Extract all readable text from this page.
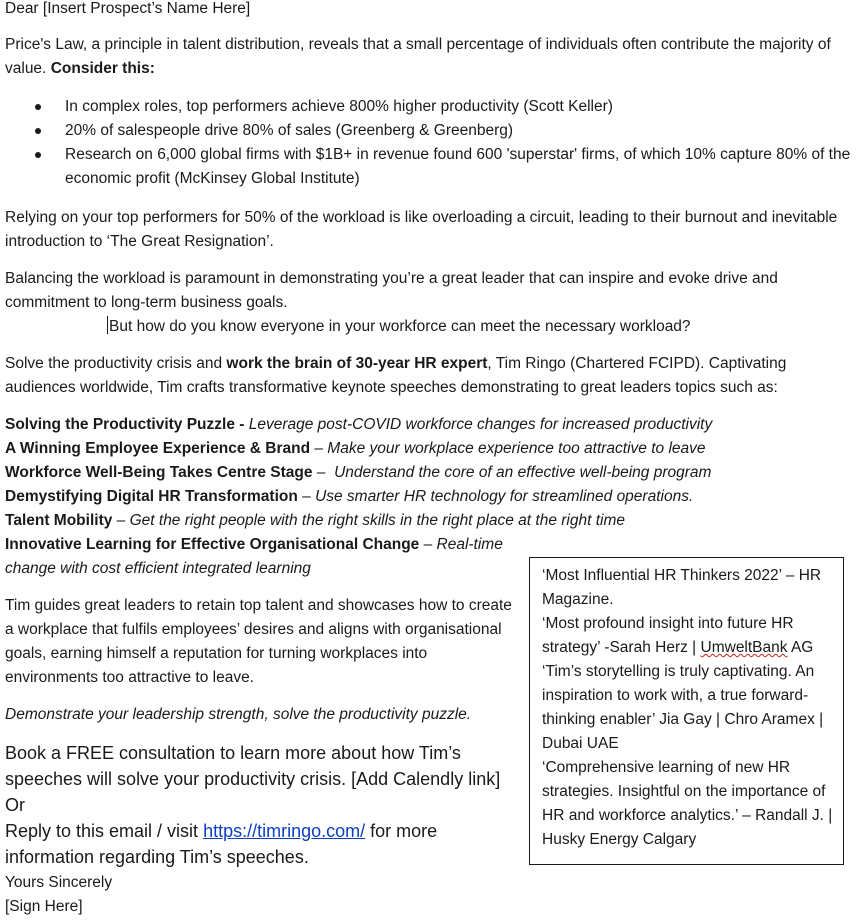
Dear [Insert Prospect’s Name Here]

Price's Law, a principle in talent distribution, reveals that a small percentage of individuals often contribute the majority of value. Consider this:

In complex roles, top performers achieve 800% higher productivity (Scott Keller)
20% of salespeople drive 80% of sales (Greenberg & Greenberg)
Research on 6,000 global firms with $1B+ in revenue found 600 'superstar' firms, of which 10% capture 80% of the economic profit (McKinsey Global Institute)

Relying on your top performers for 50% of the workload is like overloading a circuit, leading to their burnout and inevitable introduction to ‘The Great Resignation’.

Balancing the workload is paramount in demonstrating you’re a great leader that can inspire and evoke drive and commitment to long-term business goals.

But how do you know everyone in your workforce can meet the necessary workload?

Solve the productivity crisis and work the brain of 30-year HR expert, Tim Ringo (Chartered FCIPD). Captivating audiences worldwide, Tim crafts transformative keynote speeches demonstrating to great leaders topics such as:

Solving the Productivity Puzzle - Leverage post-COVID workforce changes for increased productivity
A Winning Employee Experience & Brand – Make your workplace experience too attractive to leave
Workforce Well-Being Takes Centre Stage –  Understand the core of an effective well-being program
Demystifying Digital HR Transformation – Use smarter HR technology for streamlined operations.
Talent Mobility – Get the right people with the right skills in the right place at the right time
Innovative Learning for Effective Organisational Change – Real-time
change with cost efficient integrated learning

Tim guides great leaders to retain top talent and showcases how to create a workplace that fulfils employees’ desires and aligns with organisational goals, earning himself a reputation for turning workplaces into environments too attractive to leave.

Demonstrate your leadership strength, solve the productivity puzzle.

Book a FREE consultation to learn more about how Tim’s speeches will solve your productivity crisis. [Add Calendly link]
Or
Reply to this email / visit https://timringo.com/ for more information regarding Tim’s speeches.

Yours Sincerely

[Sign Here]

‘Most Influential HR Thinkers 2022’ – HR Magazine.
‘Most profound insight into future HR strategy’ -Sarah Herz | UmweltBank AG
‘Tim’s storytelling is truly captivating. An inspiration to work with, a true forward-thinking enabler’ Jia Gay | Chro Aramex | Dubai UAE
‘Comprehensive learning of new HR strategies. Insightful on the importance of HR and workforce analytics.’ – Randall J. | Husky Energy Calgary
